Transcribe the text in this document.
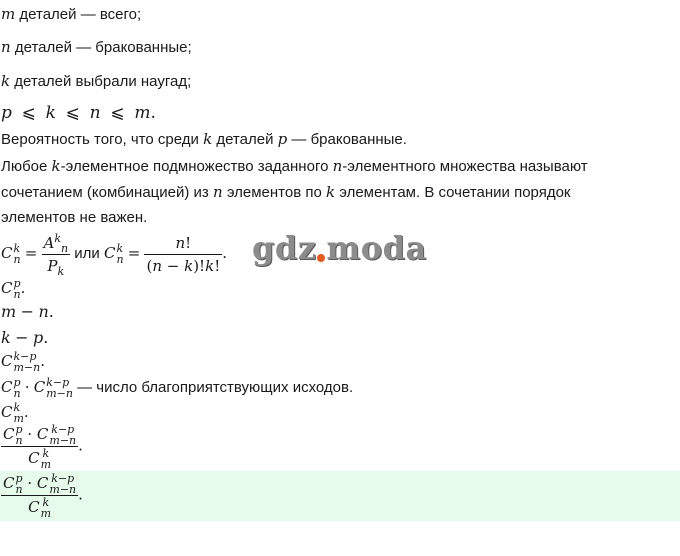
m деталей — всего;
n деталей — бракованные;
k деталей выбрали наугад;
p ⩽ k ⩽ n ⩽ m.
Вероятность того, что среди k деталей p — бракованные.
Любое k-элементное подмножество заданного n-элементного множества называют
сочетанием (комбинацией) из n элементов по k элементам. В сочетании порядок
элементов не важен.
C k
$n = \frac{A^k_n}{P_k}$ или C k
$n = \frac{n!}{(n - k)!k!}$ . gdz moda
C p
n .
m − n.
k − p.
C k−p
m−n .
C p
n · C k−p
m−n — число благоприятствующих исходов.
C k
m .
C p
n · C k−p
m−n
C k
m .
C p
n · C k−p
m−n
C k
m .
